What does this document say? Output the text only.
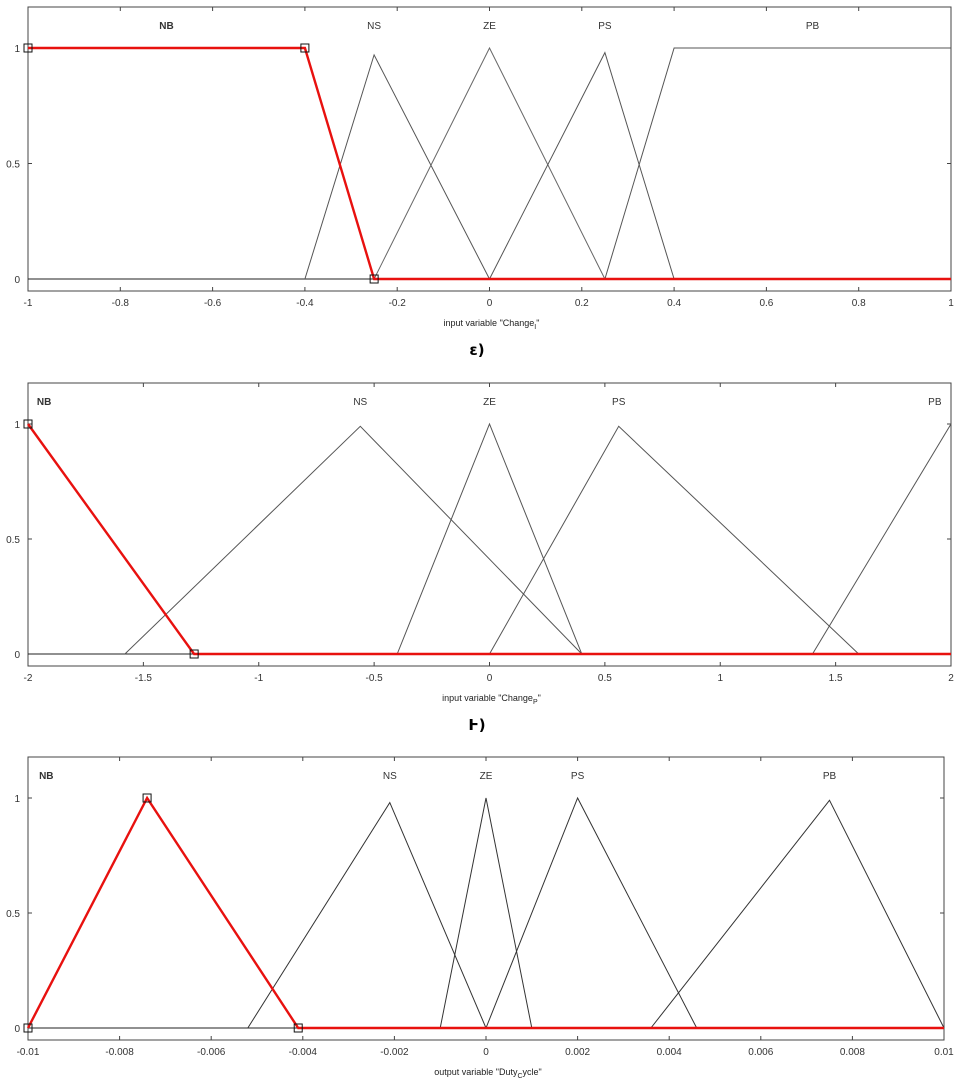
-1	-0.8	-0.6	-0.4	-0.2	0	0.2	0.4	0.6	0.8	1
0
0.5
1
NS	ZE	PS	PB
NB
input variable "Change$_I$"
ε)
-2	-1.5	-1	-0.5	0	0.5	1	1.5	2
0
0.5
1
NS	ZE	PS	PB
NB
input variable "Change$_P$"
Ͱ)
-0.01	-0.008	-0.006	-0.004	-0.002	0	0.002	0.004	0.006	0.008	0.01
0
0.5
1
NS	ZE	PS	PB
NB
output variable "Duty$_C$ycle"
